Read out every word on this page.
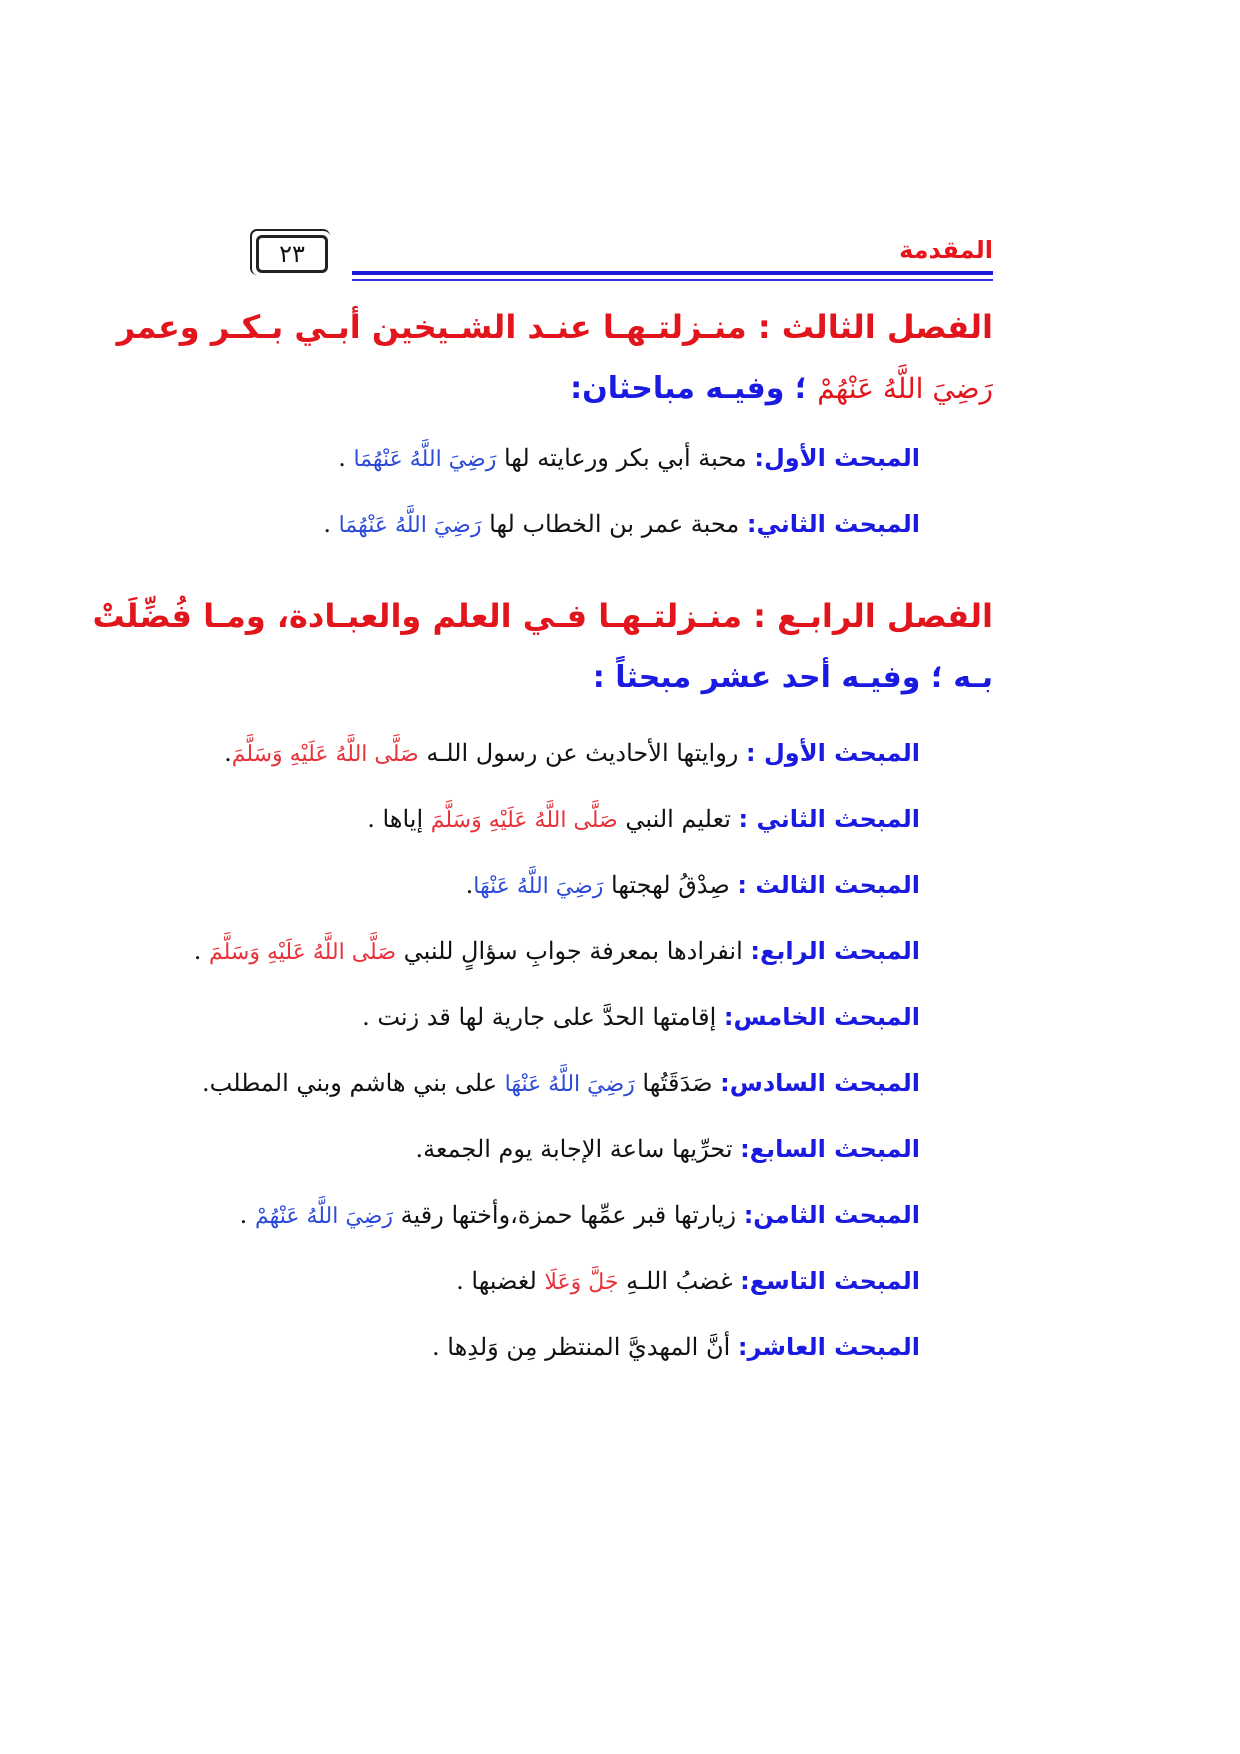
المقدمة
٢٣
الفصل الثالث : منـزلتـهـا عنـد الشـيخين أبـي بـكـر وعمر
رَضِيَ اللَّهُ عَنْهُمْ ؛ وفيـه مباحثان:
المبحث الأول: محبة أبي بكر ورعايته لها رَضِيَ اللَّهُ عَنْهُمَا .
المبحث الثاني: محبة عمر بن الخطاب لها رَضِيَ اللَّهُ عَنْهُمَا .
الفصل الرابـع : منـزلتـهـا فـي العلم والعبـادة، ومـا فُضِّلَتْ
بـه ؛ وفيـه أحد عشر مبحثاً :
المبحث الأول : روايتها الأحاديث عن رسول اللـه صَلَّى اللَّهُ عَلَيْهِ وَسَلَّمَ.
المبحث الثاني : تعليم النبي صَلَّى اللَّهُ عَلَيْهِ وَسَلَّمَ إياها .
المبحث الثالث : صِدْقُ لهجتها رَضِيَ اللَّهُ عَنْهَا.
المبحث الرابع: انفرادها بمعرفة جوابِ سؤالٍ للنبي صَلَّى اللَّهُ عَلَيْهِ وَسَلَّمَ .
المبحث الخامس: إقامتها الحدَّ على جارية لها قد زنت .
المبحث السادس: صَدَقَتُها رَضِيَ اللَّهُ عَنْهَا على بني هاشم وبني المطلب.
المبحث السابع: تحرِّيها ساعة الإجابة يوم الجمعة.
المبحث الثامن: زيارتها قبر عمِّها حمزة،وأختها رقية رَضِيَ اللَّهُ عَنْهُمْ .
المبحث التاسع: غضبُ اللـهِ جَلَّ وَعَلَا لغضبها .
المبحث العاشر: أنَّ المهديَّ المنتظر مِن وَلدِها .
